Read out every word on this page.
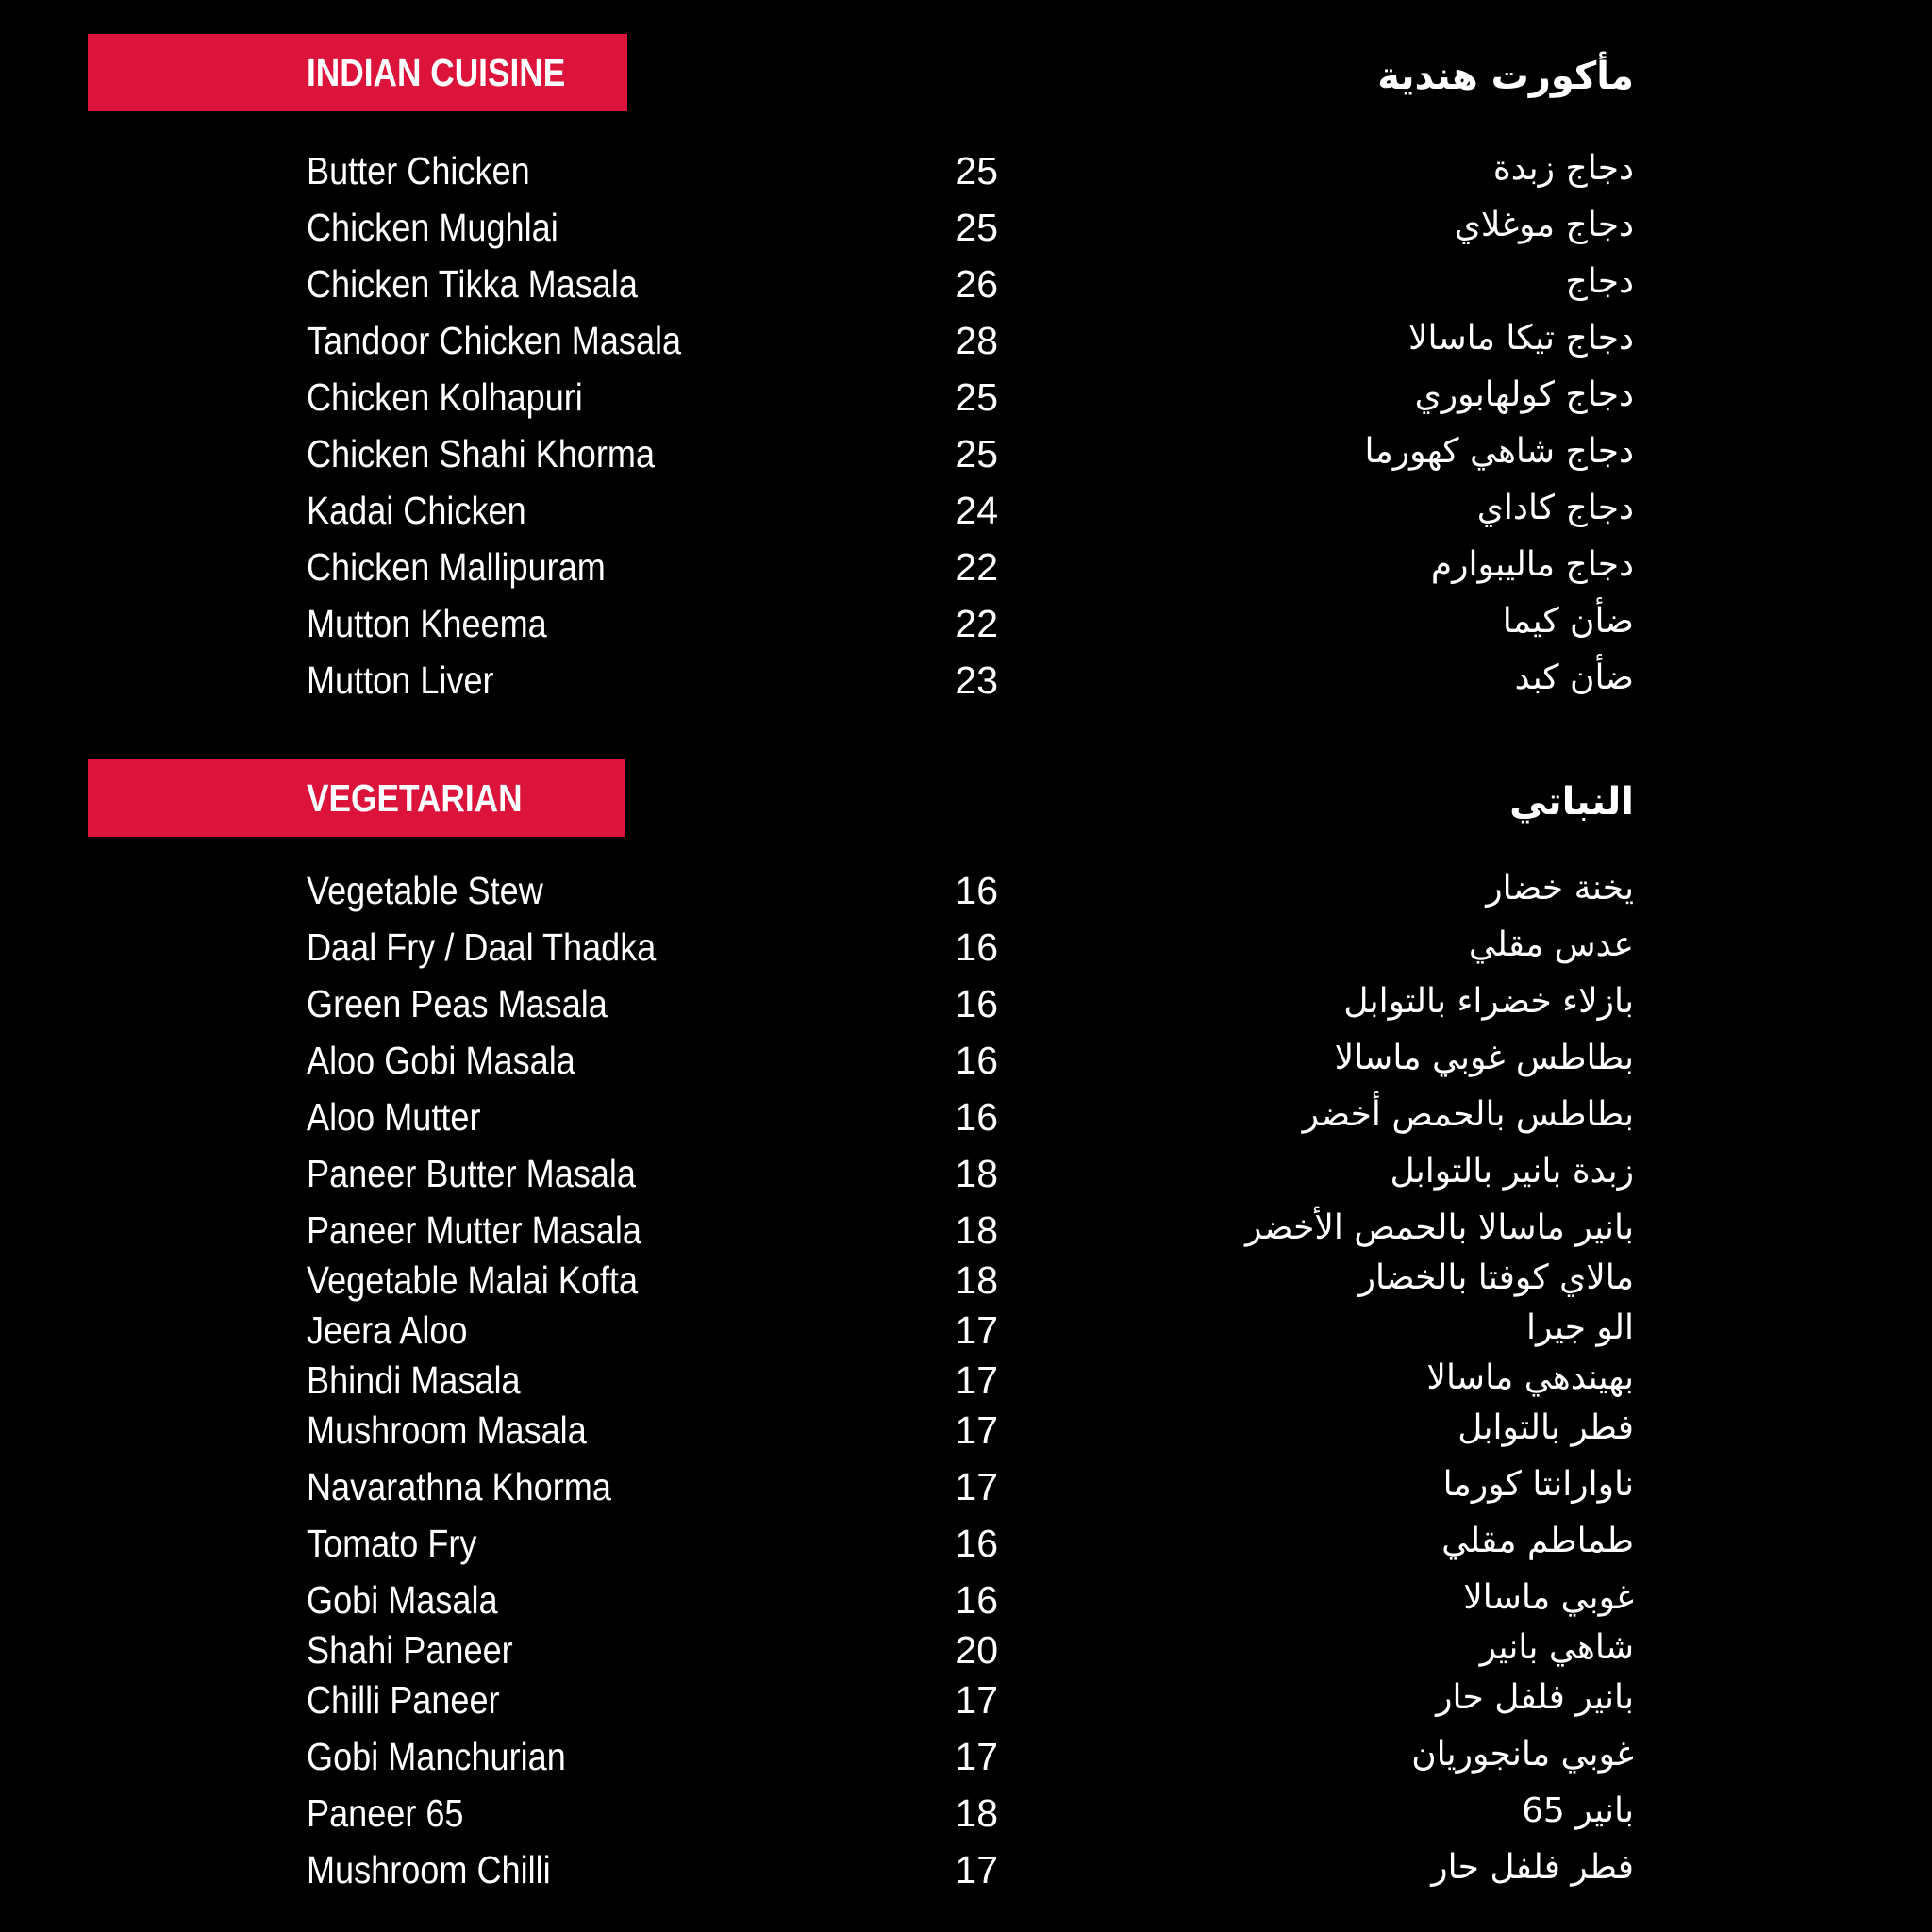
INDIAN CUISINE	مأكورت هندية
Butter Chicken	25	دجاج زبدة
Chicken Mughlai	25	دجاج موغلاي
Chicken Tikka Masala	26	دجاج
Tandoor Chicken Masala	28	دجاج تيكا ماسالا
Chicken Kolhapuri	25	دجاج كولهابوري
Chicken Shahi Khorma	25	دجاج شاهي كهورما
Kadai Chicken	24	دجاج كاداي
Chicken Mallipuram	22	دجاج ماليبوارم
Mutton Kheema	22	ضأن كيما
Mutton Liver	23	ضأن كبد
VEGETARIAN	النباتي
Vegetable Stew	16	يخنة خضار
Daal Fry / Daal Thadka	16	عدس مقلي
Green Peas Masala	16	بازلاء خضراء بالتوابل
Aloo Gobi Masala	16	بطاطس غوبي ماسالا
Aloo Mutter	16	بطاطس بالحمص أخضر
Paneer Butter Masala	18	زبدة بانير بالتوابل
Paneer Mutter Masala	18	بانير ماسالا بالحمص الأخضر
Vegetable Malai Kofta	18	مالاي كوفتا بالخضار
Jeera Aloo	17	الو جيرا
Bhindi Masala	17	بهيندهي ماسالا
Mushroom Masala	17	فطر بالتوابل
Navarathna Khorma	17	ناوارانتا كورما
Tomato Fry	16	طماطم مقلي
Gobi Masala	16	غوبي ماسالا
Shahi Paneer	20	شاهي بانير
Chilli Paneer	17	بانير فلفل حار
Gobi Manchurian	17	غوبي مانجوريان
Paneer 65	18	بانير 65
Mushroom Chilli	17	فطر فلفل حار
